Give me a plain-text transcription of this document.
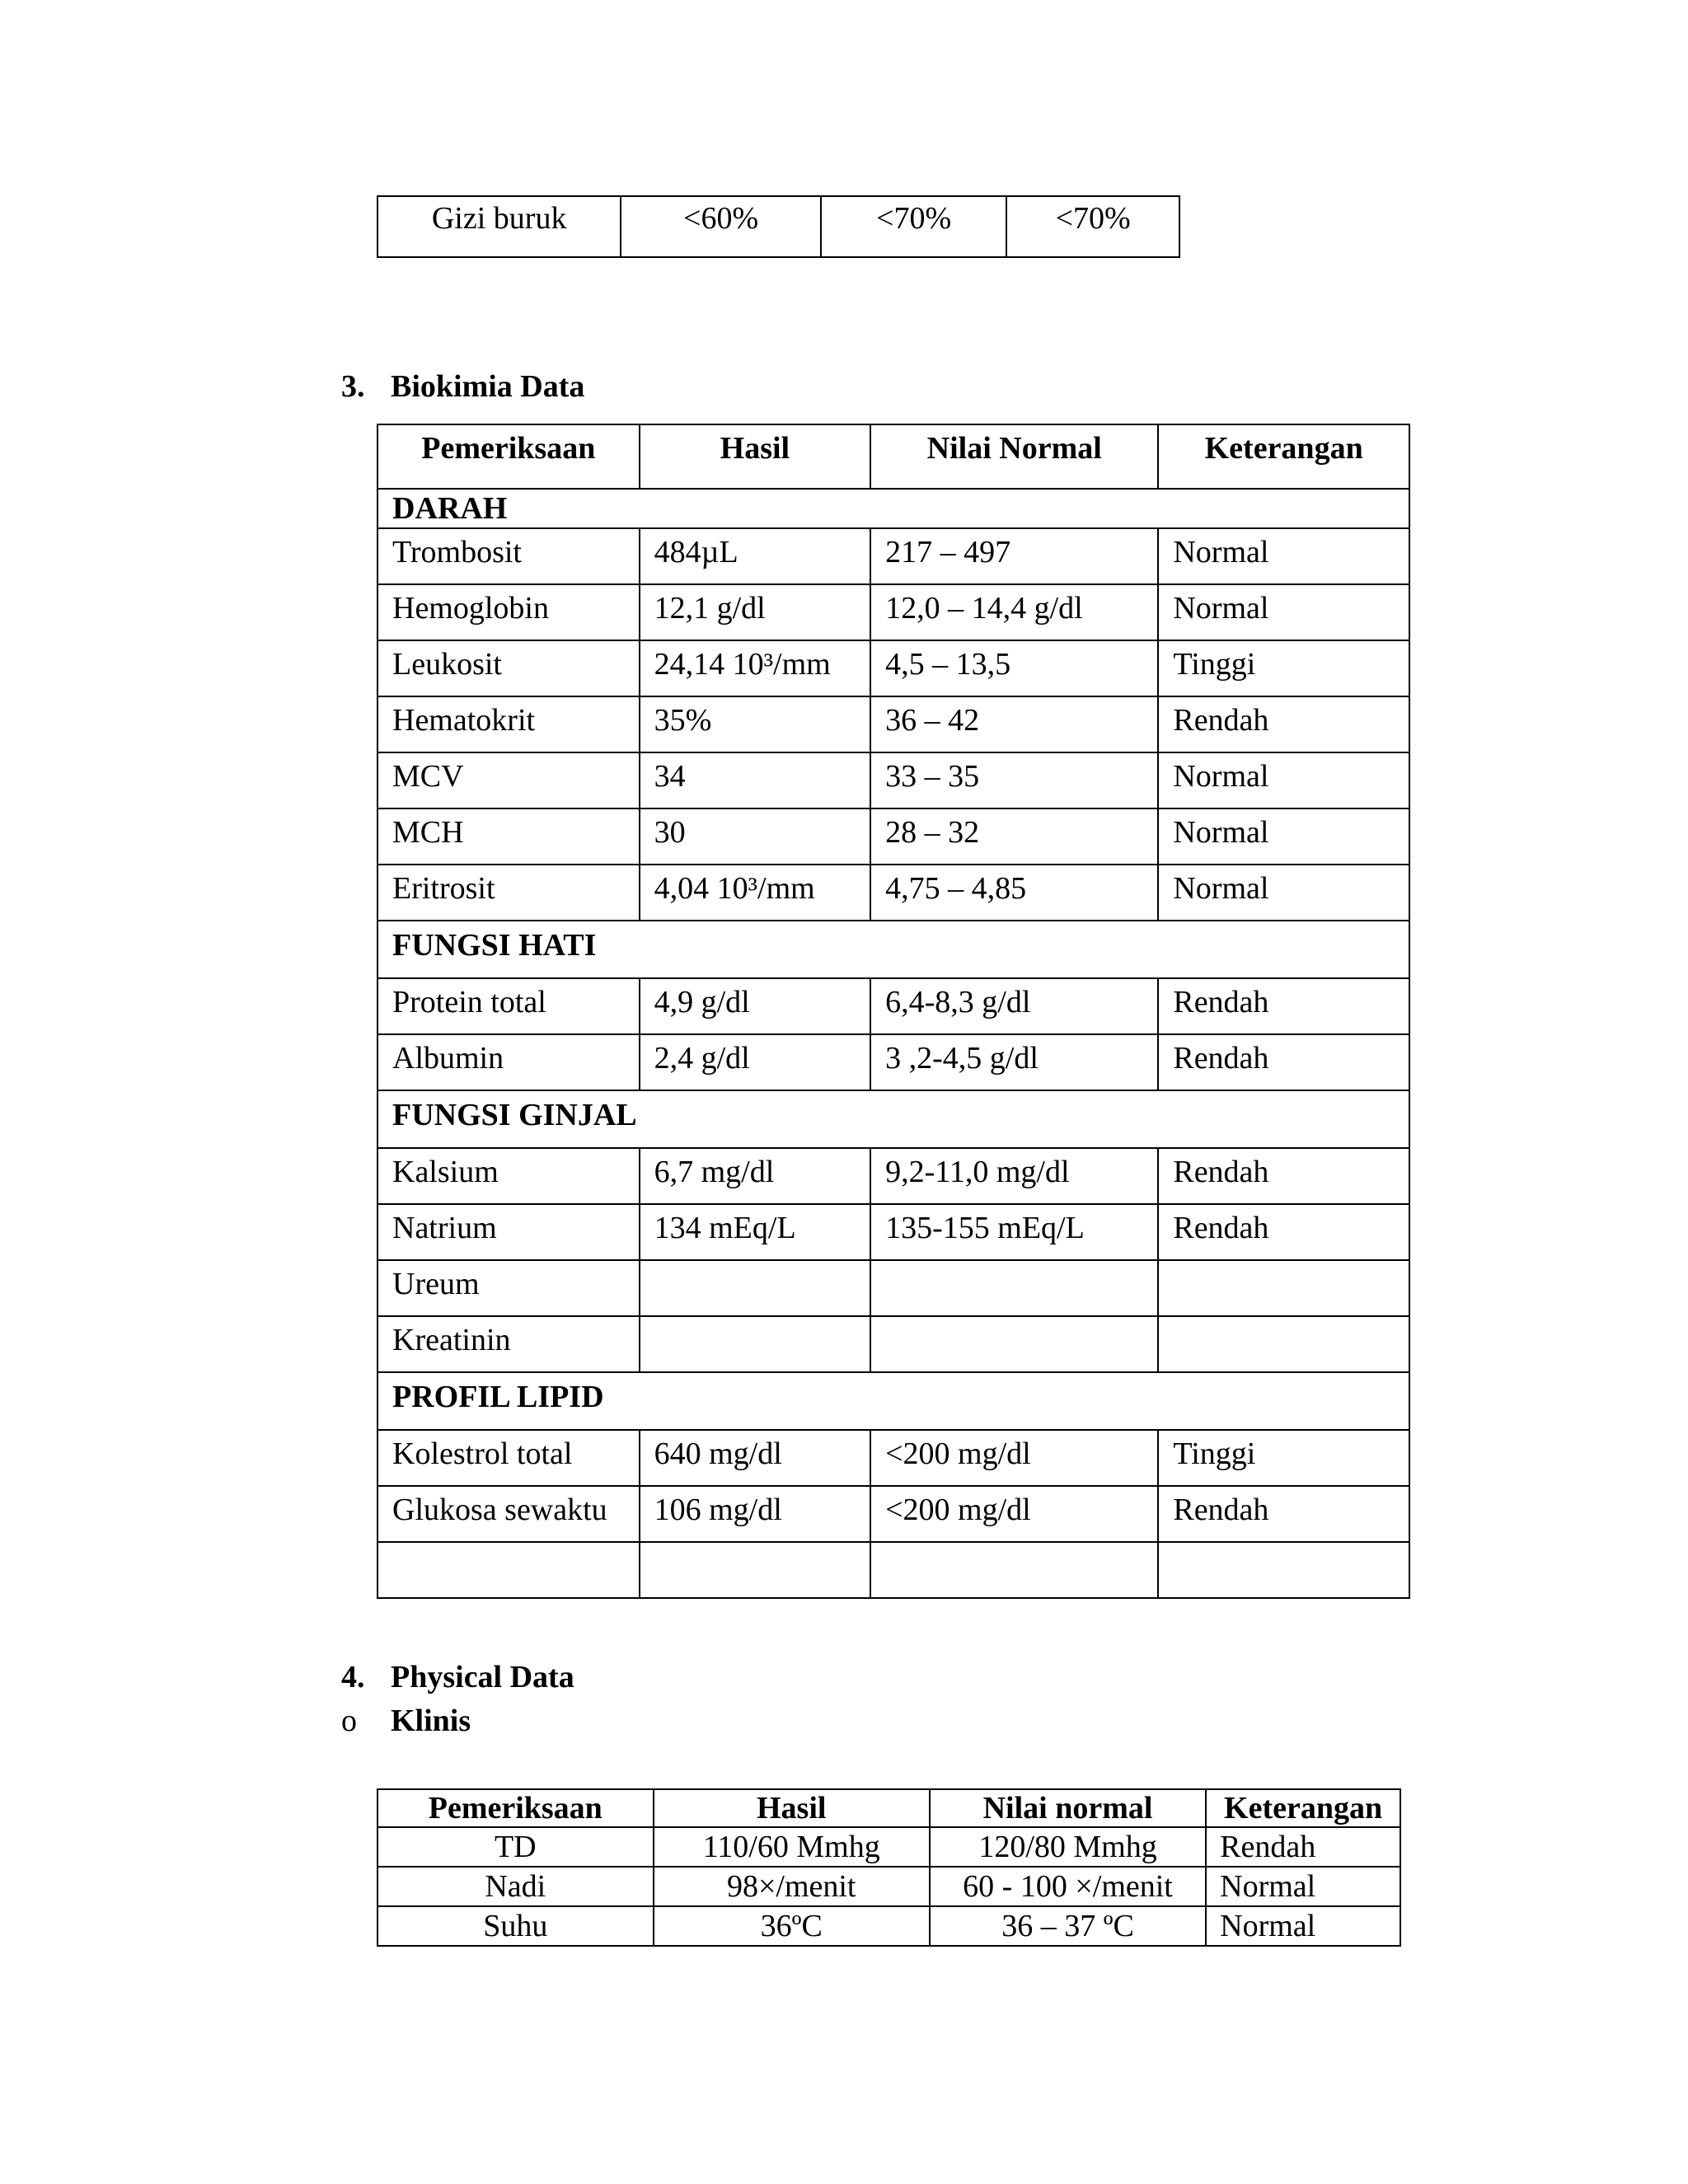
Gizi buruk	<60%	<70%	<70%
3. Biokimia Data
Pemeriksaan	Hasil	Nilai Normal	Keterangan
DARAH			
Trombosit	484µL	217 – 497	Normal
Hemoglobin	12,1 g/dl	12,0 – 14,4 g/dl	Normal
Leukosit	24,14 10³/mm	4,5 – 13,5	Tinggi
Hematokrit	35%	36 – 42	Rendah
MCV	34	33 – 35	Normal
MCH	30	28 – 32	Normal
Eritrosit	4,04 10³/mm	4,75 – 4,85	Normal
FUNGSI HATI			
Protein total	4,9 g/dl	6,4-8,3 g/dl	Rendah
Albumin	2,4 g/dl	3 ,2-4,5 g/dl	Rendah
FUNGSI GINJAL			
Kalsium	6,7 mg/dl	9,2-11,0 mg/dl	Rendah
Natrium	134 mEq/L	135-155 mEq/L	Rendah
Ureum			
Kreatinin			
PROFIL LIPID			
Kolestrol total	640 mg/dl	<200 mg/dl	Tinggi
Glukosa sewaktu	106 mg/dl	<200 mg/dl	Rendah

4. Physical Data
o Klinis
Pemeriksaan	Hasil	Nilai normal	Keterangan
TD	110/60 Mmhg	120/80 Mmhg	Rendah
Nadi	98×/menit	60 - 100 ×/menit	Normal
Suhu	36ºC	36 – 37 ºC	Normal
